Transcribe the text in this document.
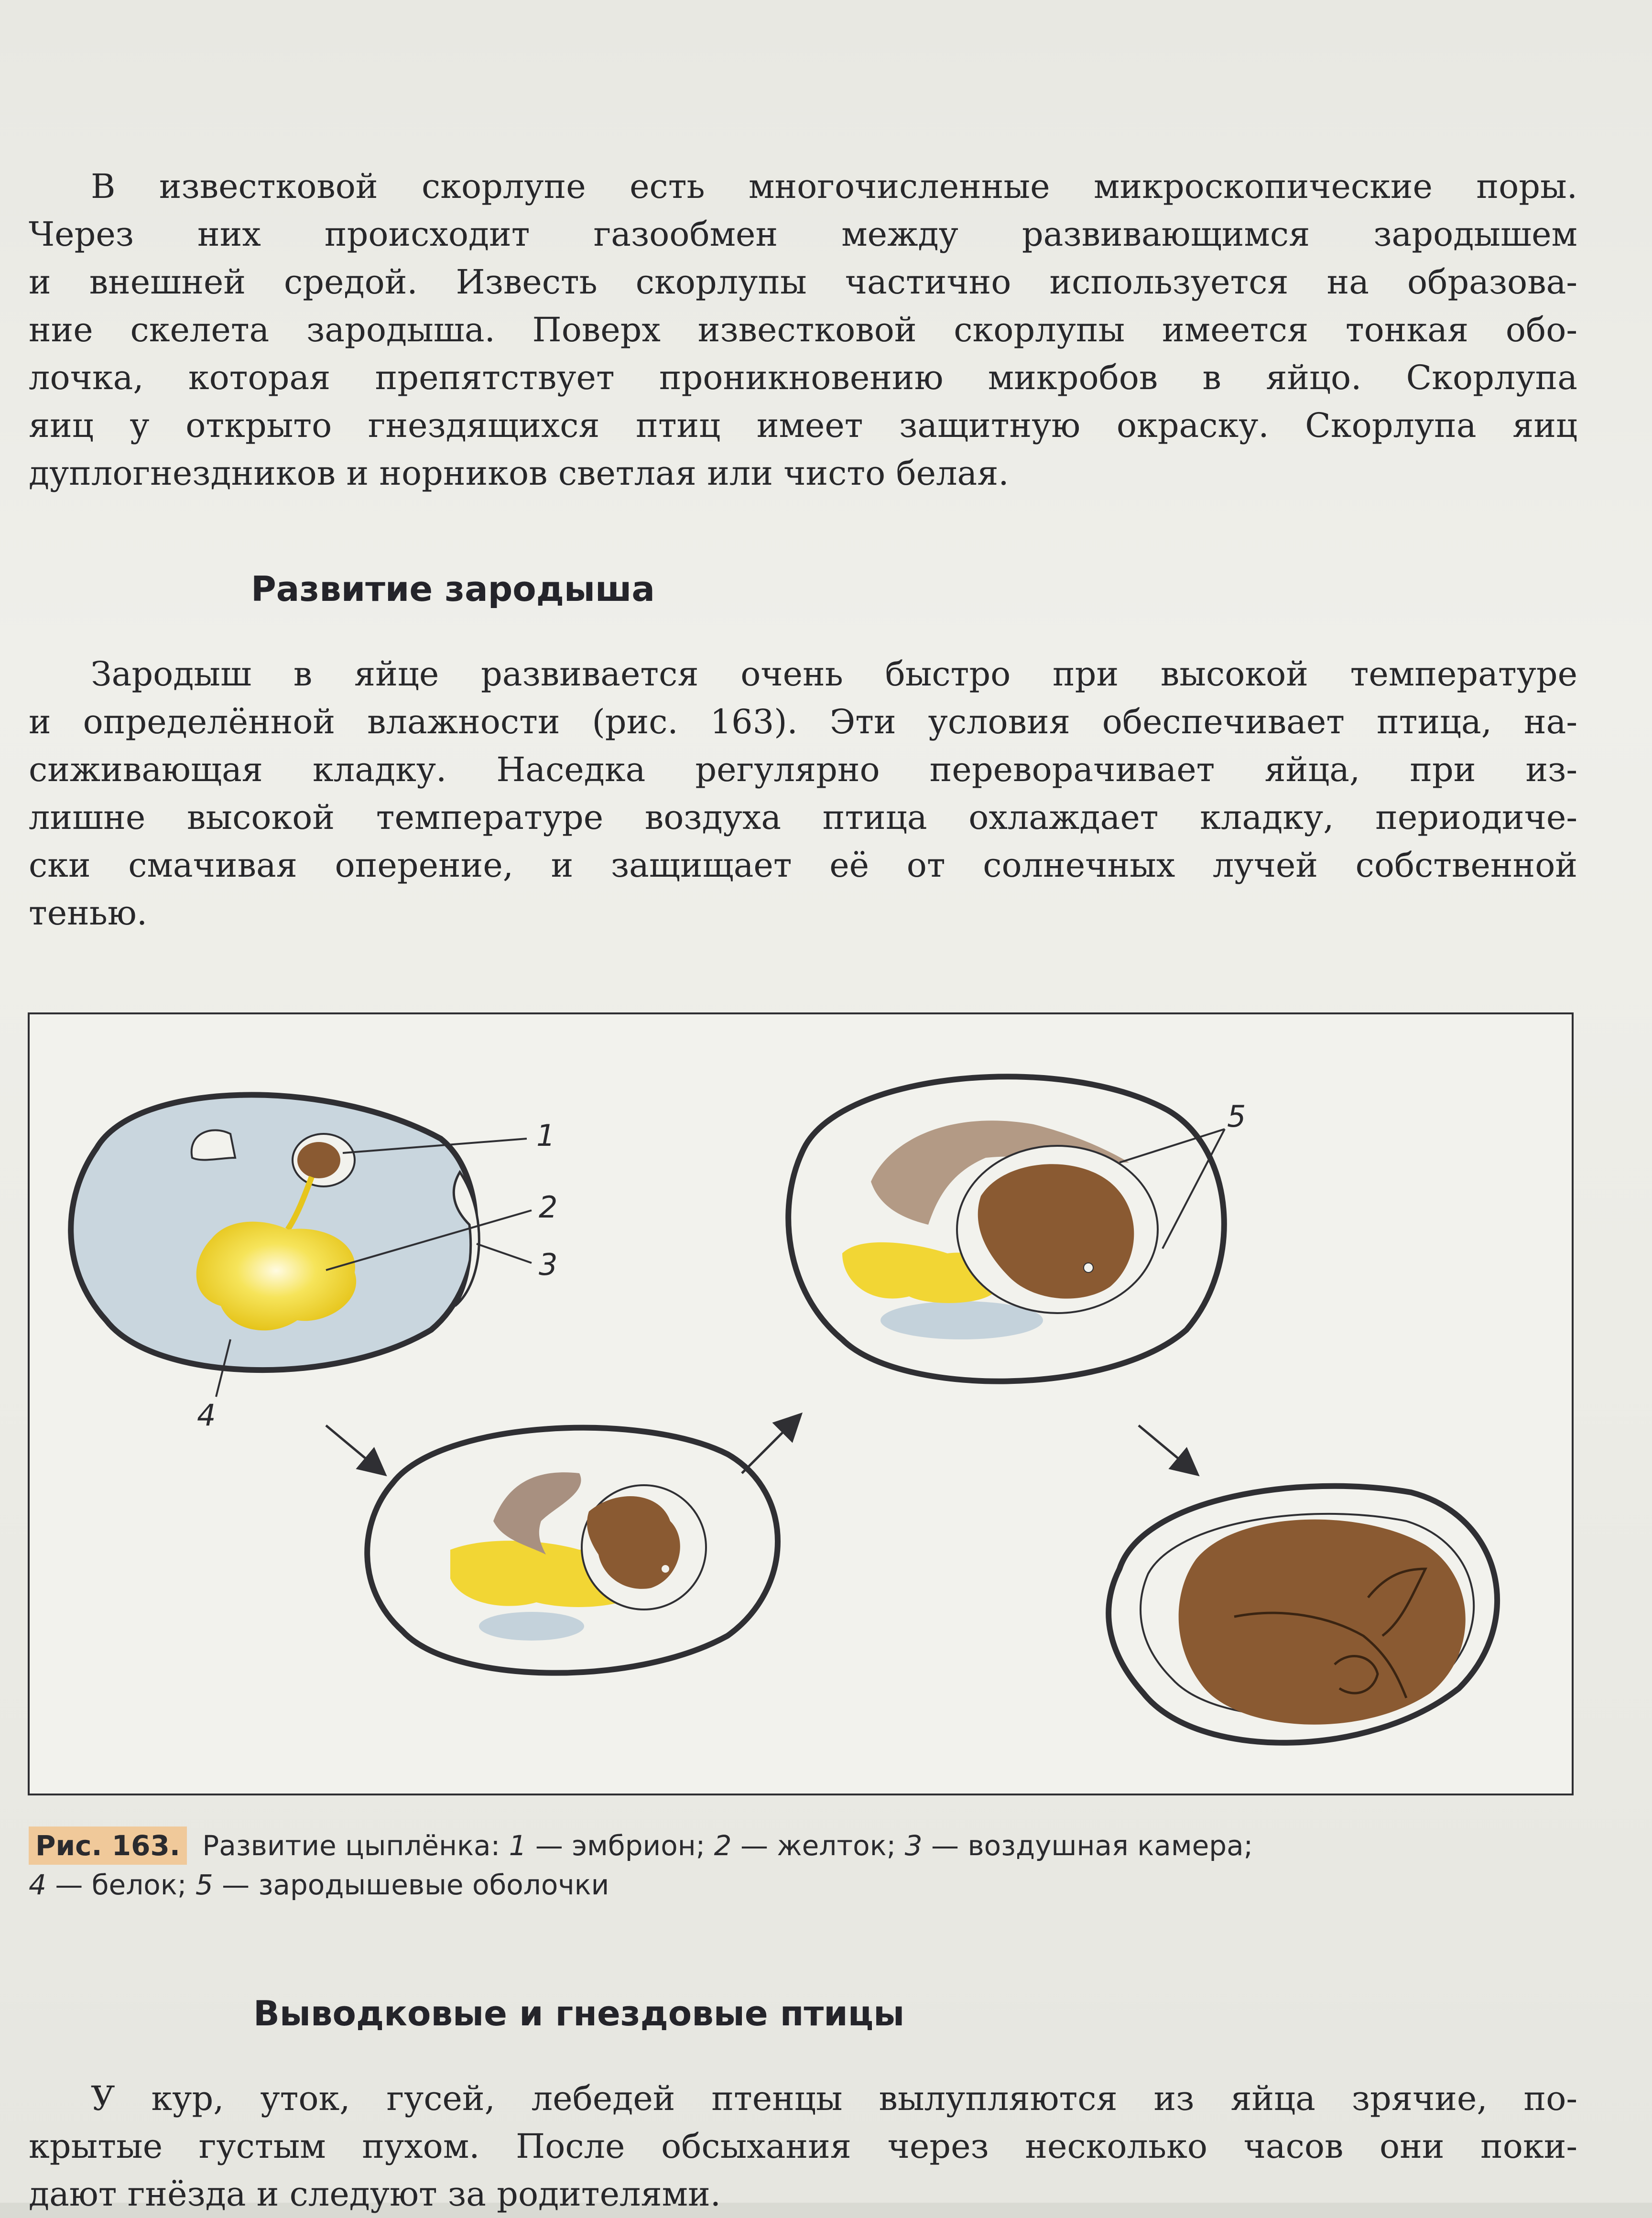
В известковой скорлупе есть многочисленные микроскопические поры.
Через них происходит газообмен между развивающимся зародышем
и внешней средой. Известь скорлупы частично используется на образова-
ние скелета зародыша. Поверх известковой скорлупы имеется тонкая обо-
лочка, которая препятствует проникновению микробов в яйцо. Скорлупа
яиц у открыто гнездящихся птиц имеет защитную окраску. Скорлупа яиц
дуплогнездников и норников светлая или чисто белая.
Развитие зародыша
Зародыш в яйце развивается очень быстро при высокой температуре
и определённой влажности (рис. 163). Эти условия обеспечивает птица, на-
сиживающая кладку. Наседка регулярно переворачивает яйца, при из-
лишне высокой температуре воздуха птица охлаждает кладку, периодиче-
ски смачивая оперение, и защищает её от солнечных лучей собственной
тенью.
1
2
3
4
5
Рис. 163. Развитие цыплёнка: 1 — эмбрион; 2 — желток; 3 — воздушная камера;
4 — белок; 5 — зародышевые оболочки
Выводковые и гнездовые птицы
У кур, уток, гусей, лебедей птенцы вылупляются из яйца зрячие, по-
крытые густым пухом. После обсыхания через несколько часов они поки-
дают гнёзда и следуют за родителями.
